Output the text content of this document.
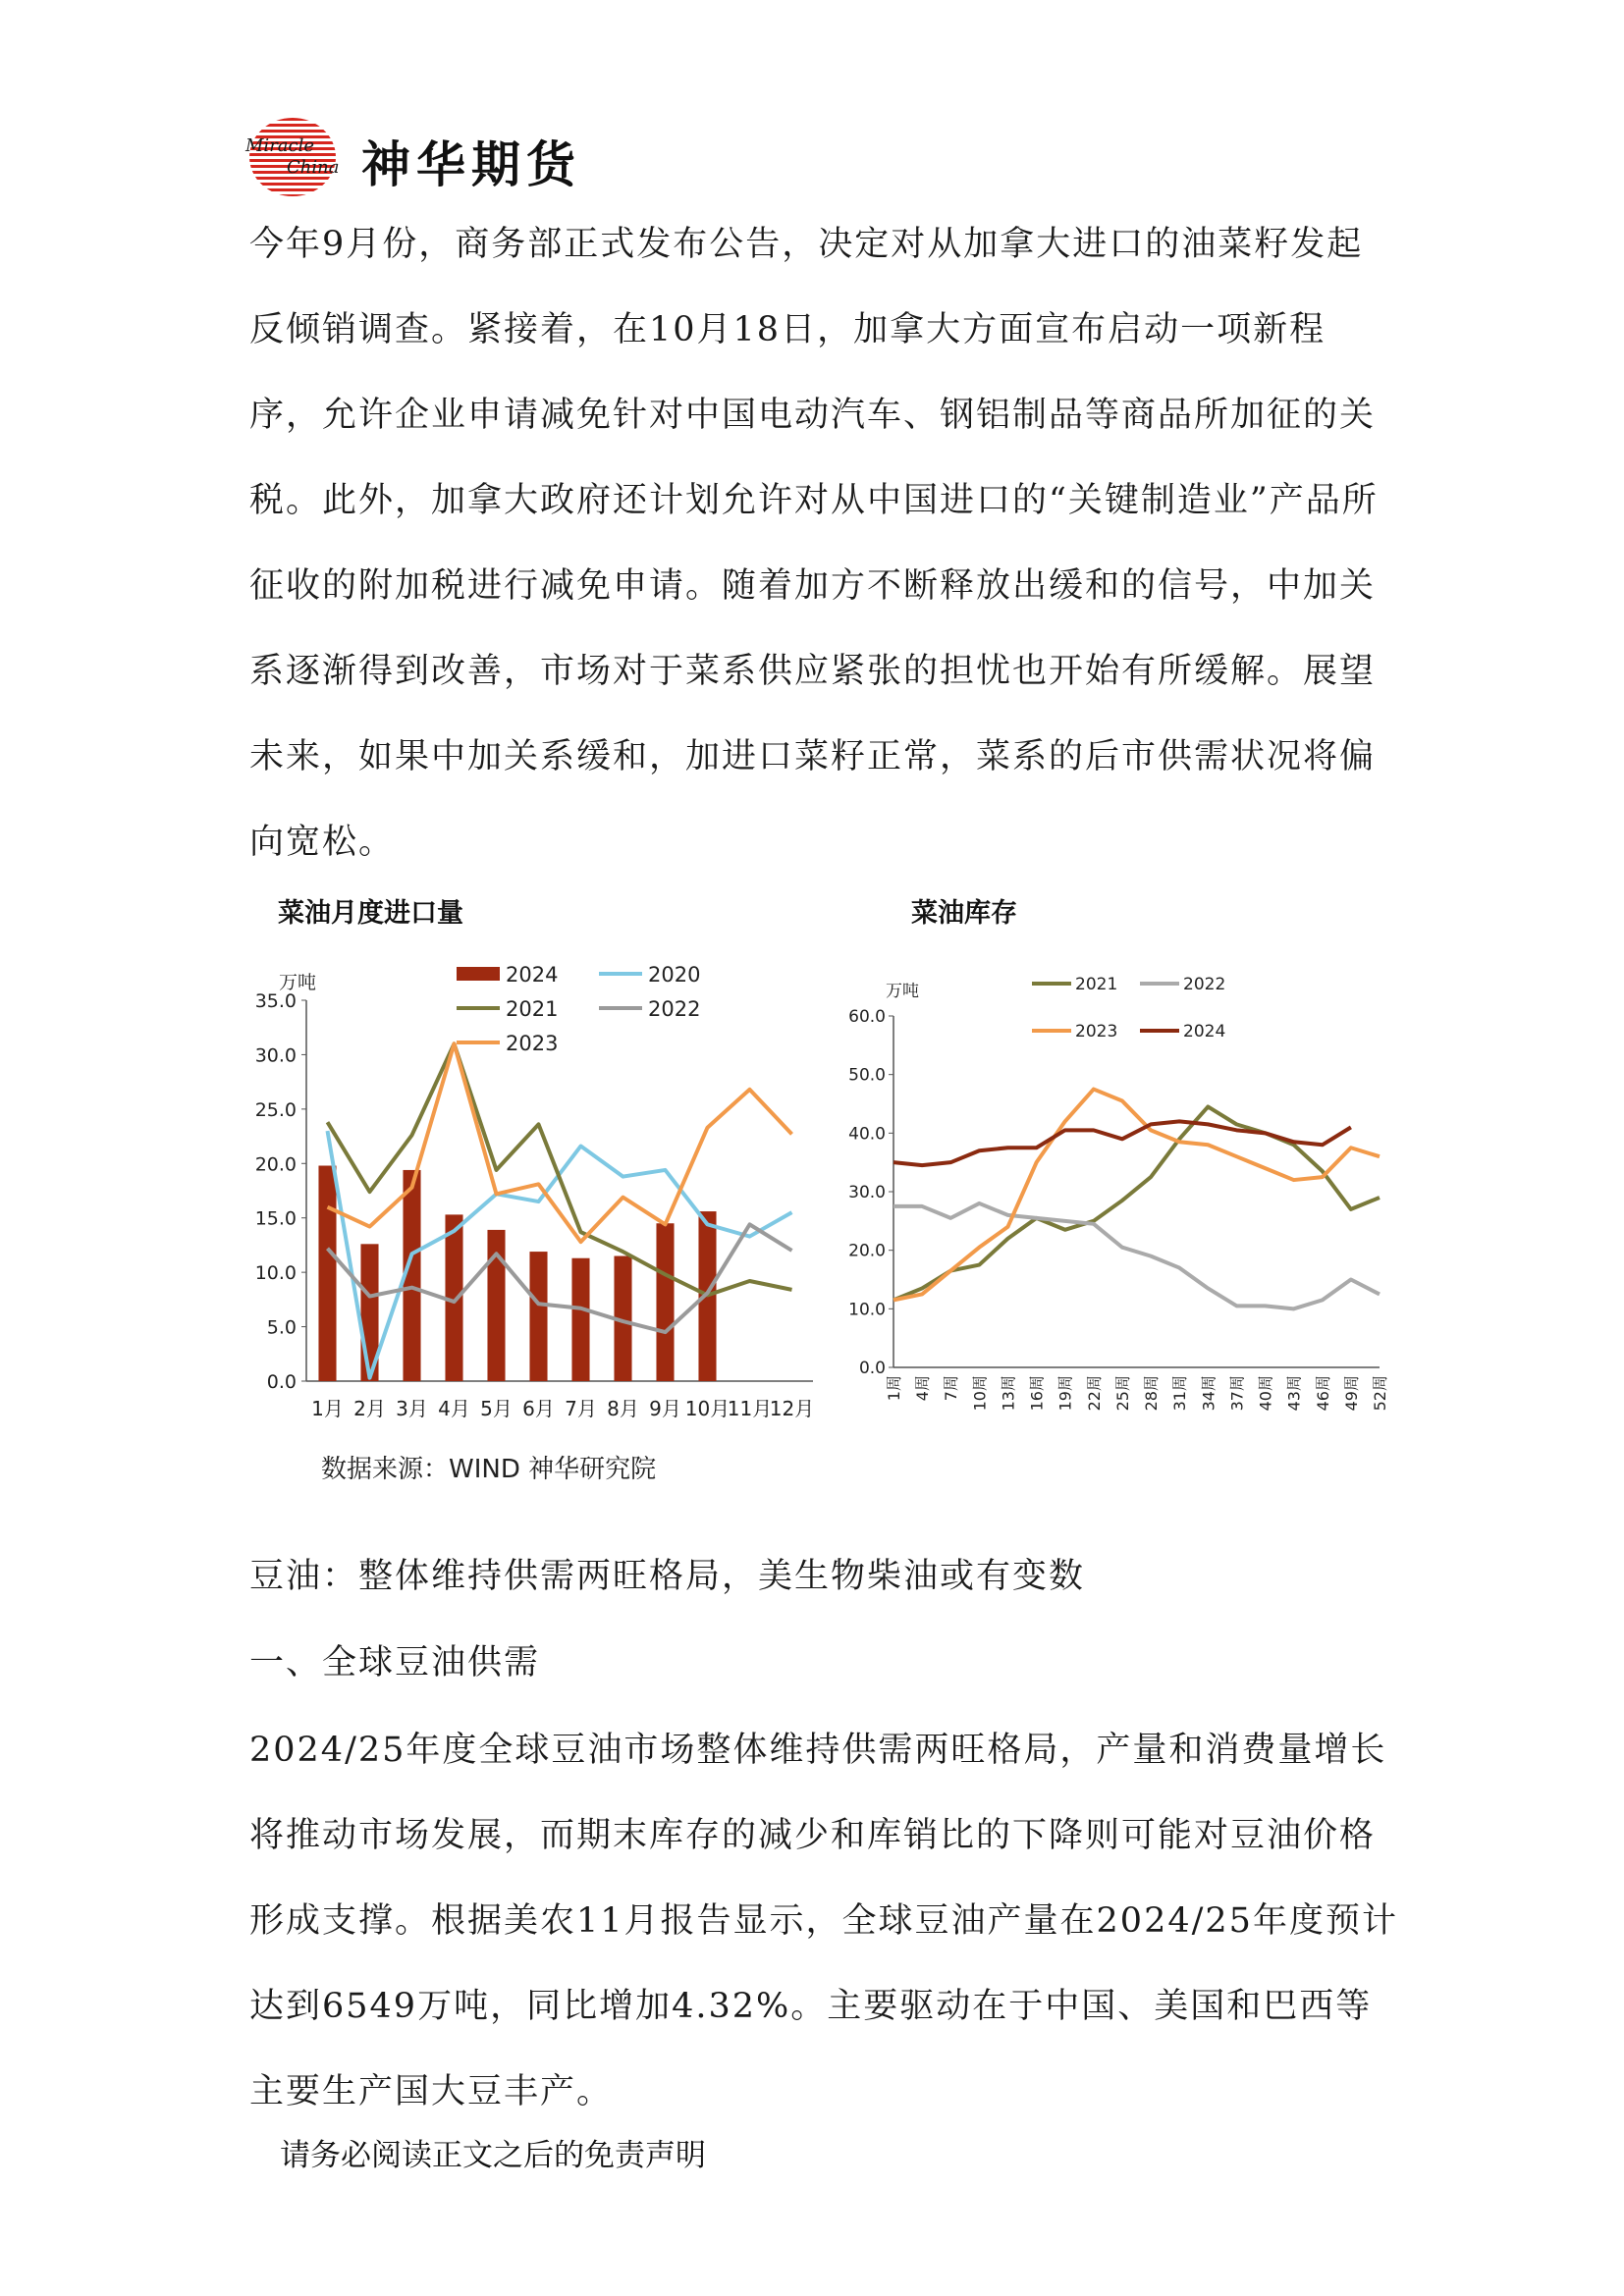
Miracle
China 神华期货
今年9月份，商务部正式发布公告，决定对从加拿大进口的油菜籽发起反倾销调查。紧接着，在10月18日，加拿大方面宣布启动一项新程序，允许企业申请减免针对中国电动汽车、钢铝制品等商品所加征的关税。此外，加拿大政府还计划允许对从中国进口的“关键制造业”产品所征收的附加税进行减免申请。随着加方不断释放出缓和的信号，中加关系逐渐得到改善，市场对于菜系供应紧张的担忧也开始有所缓解。展望未来，如果中加关系缓和，加进口菜籽正常，菜系的后市供需状况将偏向宽松。
菜油月度进口量	菜油库存
万吨
0.0
5.0
10.0
15.0
20.0
25.0
30.0
35.0
1月 2月 3月 4月 5月 6月 7月 8月 9月 10月
11月
12月
2024	2020
2021	2022
2023
万吨
0.0
10.0
20.0
30.0
40.0
50.0
60.0
1周 4周 7周 10周 13周 16周 19周 22周 25周 28周 31周 34周 37周 40周 43周 46周 49周 52周
2021	2022
2023	2024
数据来源：WIND 神华研究院
豆油：整体维持供需两旺格局，美生物柴油或有变数
一、全球豆油供需
2024/25年度全球豆油市场整体维持供需两旺格局，产量和消费量增长将推动市场发展，而期末库存的减少和库销比的下降则可能对豆油价格形成支撑。根据美农11月报告显示，全球豆油产量在2024/25年度预计达到6549万吨，同比增加4.32%。主要驱动在于中国、美国和巴西等主要生产国大豆丰产。
请务必阅读正文之后的免责声明
